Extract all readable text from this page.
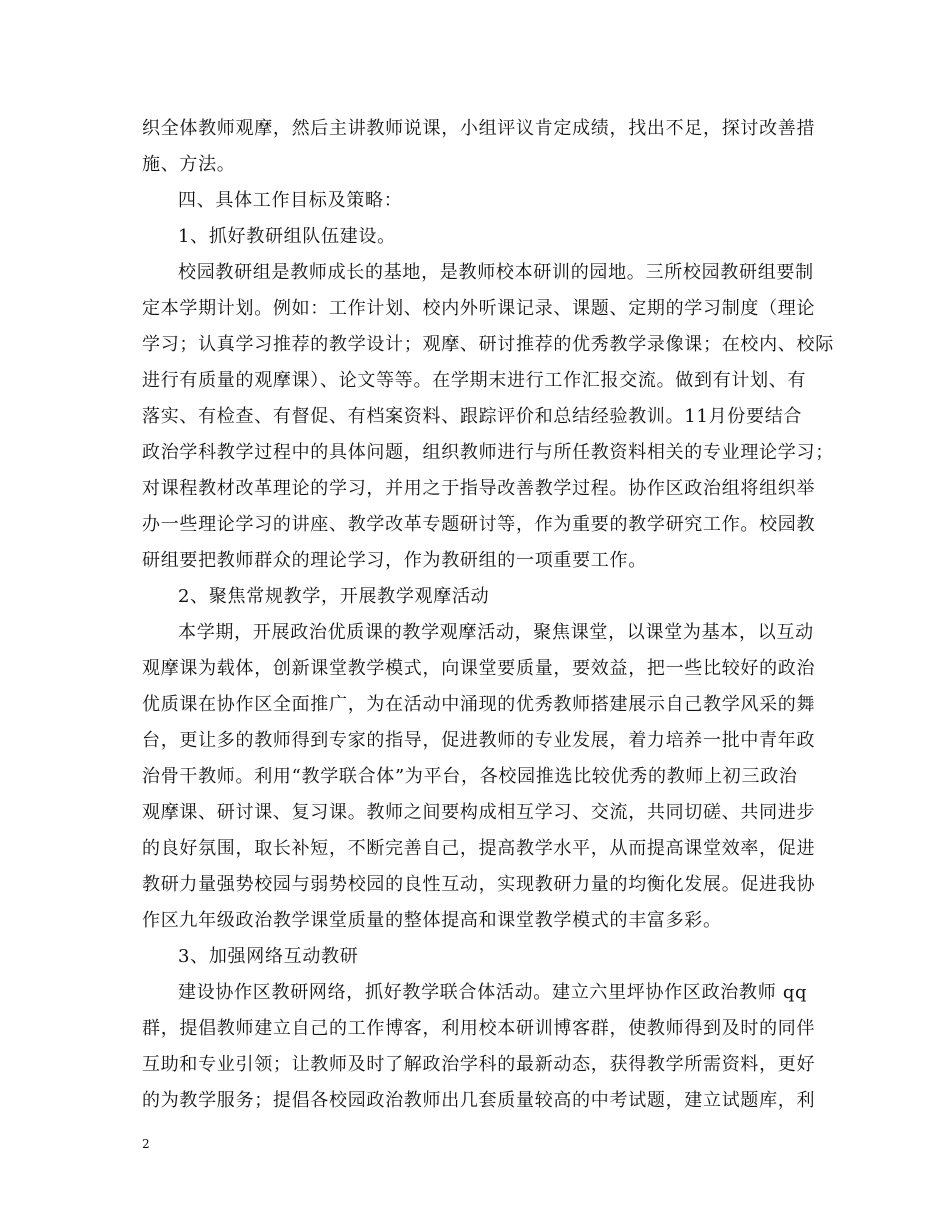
织全体教师观摩，然后主讲教师说课，小组评议肯定成绩，找出不足，探讨改善措
施、方法。
四、具体工作目标及策略：
1、抓好教研组队伍建设。
校园教研组是教师成长的基地，是教师校本研训的园地。三所校园教研组要制
定本学期计划。例如：工作计划、校内外听课记录、课题、定期的学习制度（理论
学习；认真学习推荐的教学设计；观摩、研讨推荐的优秀教学录像课；在校内、校际
进行有质量的观摩课）、论文等等。在学期末进行工作汇报交流。做到有计划、有
落实、有检查、有督促、有档案资料、跟踪评价和总结经验教训。11月份要结合
政治学科教学过程中的具体问题，组织教师进行与所任教资料相关的专业理论学习；
对课程教材改革理论的学习，并用之于指导改善教学过程。协作区政治组将组织举
办一些理论学习的讲座、教学改革专题研讨等，作为重要的教学研究工作。校园教
研组要把教师群众的理论学习，作为教研组的一项重要工作。
2、聚焦常规教学，开展教学观摩活动
本学期，开展政治优质课的教学观摩活动，聚焦课堂，以课堂为基本，以互动
观摩课为载体，创新课堂教学模式，向课堂要质量，要效益，把一些比较好的政治
优质课在协作区全面推广，为在活动中涌现的优秀教师搭建展示自己教学风采的舞
台，更让多的教师得到专家的指导，促进教师的专业发展，着力培养一批中青年政
治骨干教师。利用“教学联合体”为平台，各校园推选比较优秀的教师上初三政治
观摩课、研讨课、复习课。教师之间要构成相互学习、交流，共同切磋、共同进步
的良好氛围，取长补短，不断完善自己，提高教学水平，从而提高课堂效率，促进
教研力量强势校园与弱势校园的良性互动，实现教研力量的均衡化发展。促进我协
作区九年级政治教学课堂质量的整体提高和课堂教学模式的丰富多彩。
3、加强网络互动教研
建设协作区教研网络，抓好教学联合体活动。建立六里坪协作区政治教师 qq
群，提倡教师建立自己的工作博客，利用校本研训博客群，使教师得到及时的同伴
互助和专业引领；让教师及时了解政治学科的最新动态，获得教学所需资料，更好
的为教学服务；提倡各校园政治教师出几套质量较高的中考试题，建立试题库，利
2
